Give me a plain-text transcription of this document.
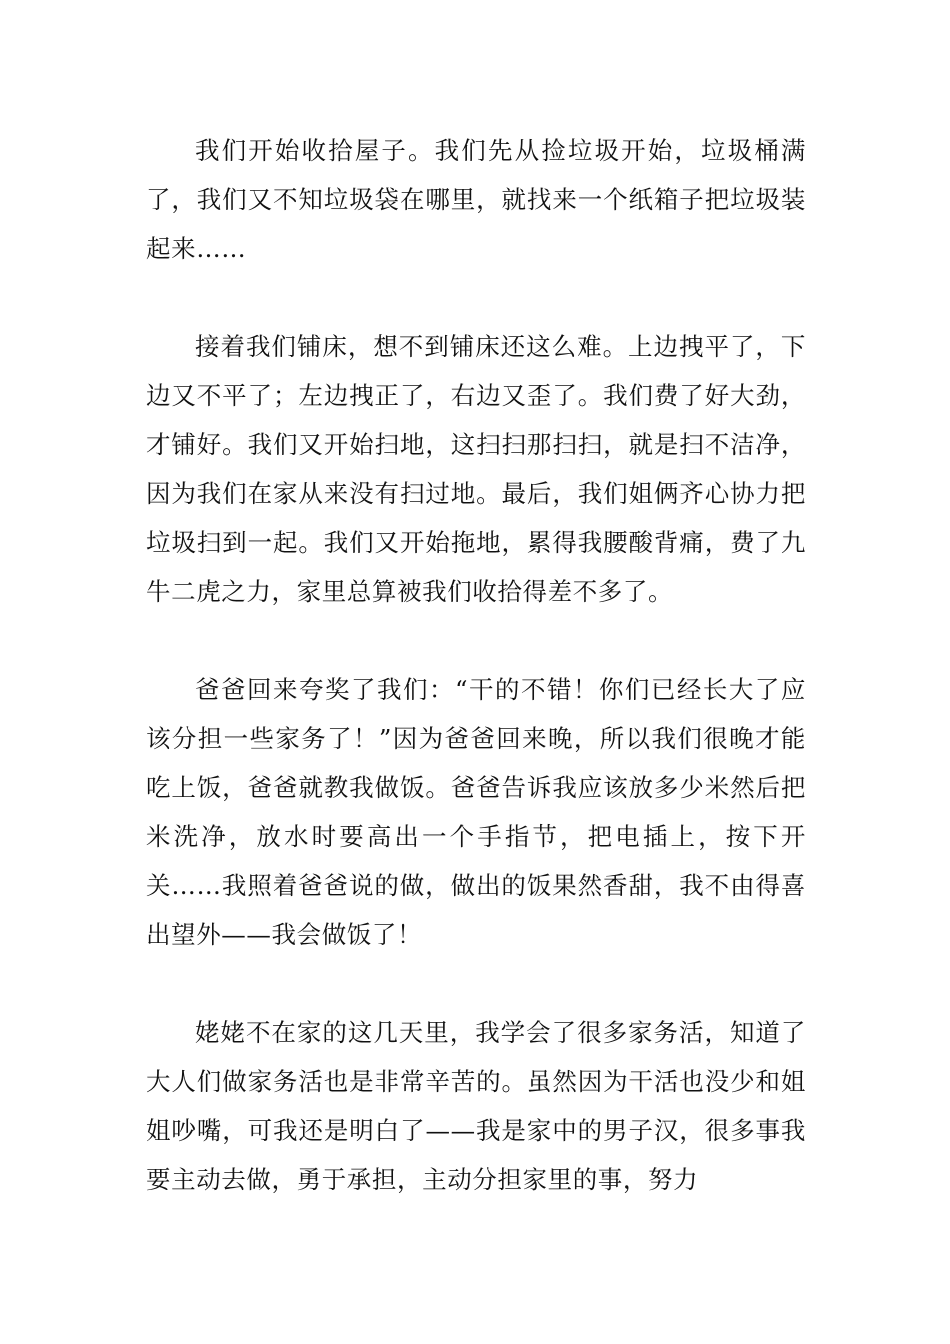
我们开始收拾屋子。我们先从捡垃圾开始，垃圾桶满了，我们又不知垃圾袋在哪里，就找来一个纸箱子把垃圾装起来……

接着我们铺床，想不到铺床还这么难。上边拽平了，下边又不平了；左边拽正了，右边又歪了。我们费了好大劲，才铺好。我们又开始扫地，这扫扫那扫扫，就是扫不洁净，因为我们在家从来没有扫过地。最后，我们姐俩齐心协力把垃圾扫到一起。我们又开始拖地，累得我腰酸背痛，费了九牛二虎之力，家里总算被我们收拾得差不多了。

爸爸回来夸奖了我们：“干的不错！你们已经长大了应该分担一些家务了！”因为爸爸回来晚，所以我们很晚才能吃上饭，爸爸就教我做饭。爸爸告诉我应该放多少米然后把米洗净，放水时要高出一个手指节，把电插上，按下开关……我照着爸爸说的做，做出的饭果然香甜，我不由得喜出望外——我会做饭了！

姥姥不在家的这几天里，我学会了很多家务活，知道了大人们做家务活也是非常辛苦的。虽然因为干活也没少和姐姐吵嘴，可我还是明白了——我是家中的男子汉，很多事我要主动去做，勇于承担，主动分担家里的事，努力
